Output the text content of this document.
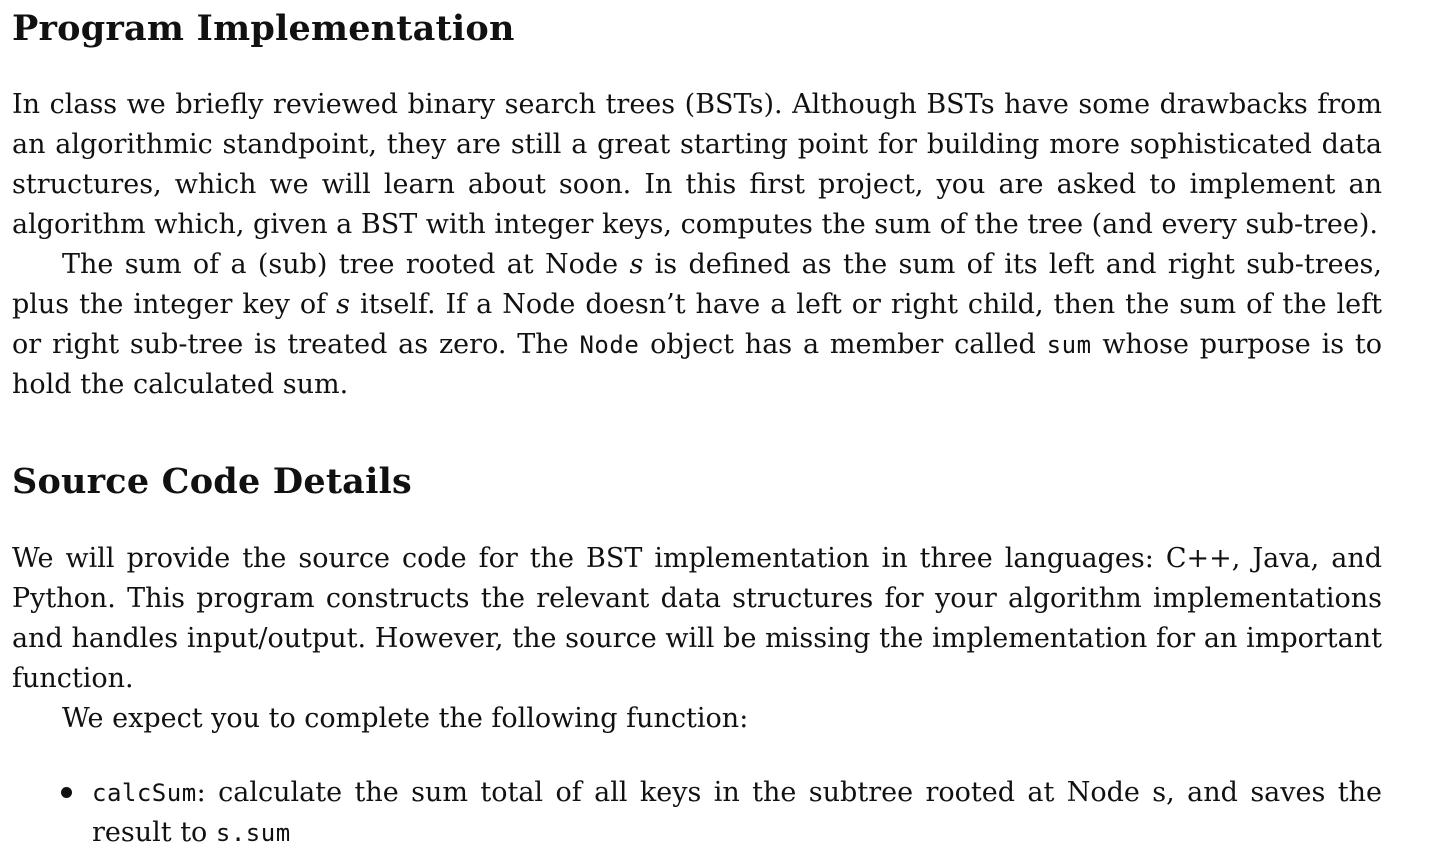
Program Implementation

In class we briefly reviewed binary search trees (BSTs). Although BSTs have some drawbacks from an algorithmic standpoint, they are still a great starting point for building more sophisticated data structures, which we will learn about soon. In this first project, you are asked to implement an algorithm which, given a BST with integer keys, computes the sum of the tree (and every sub-tree).

The sum of a (sub) tree rooted at Node s is defined as the sum of its left and right sub-trees, plus the integer key of s itself. If a Node doesn’t have a left or right child, then the sum of the left or right sub-tree is treated as zero. The Node object has a member called sum whose purpose is to hold the calculated sum.

Source Code Details

We will provide the source code for the BST implementation in three languages: C++, Java, and Python. This program constructs the relevant data structures for your algorithm implementations and handles input/output. However, the source will be missing the implementation for an important function.

We expect you to complete the following function:

calcSum: calculate the sum total of all keys in the subtree rooted at Node s, and saves the result to s.sum
